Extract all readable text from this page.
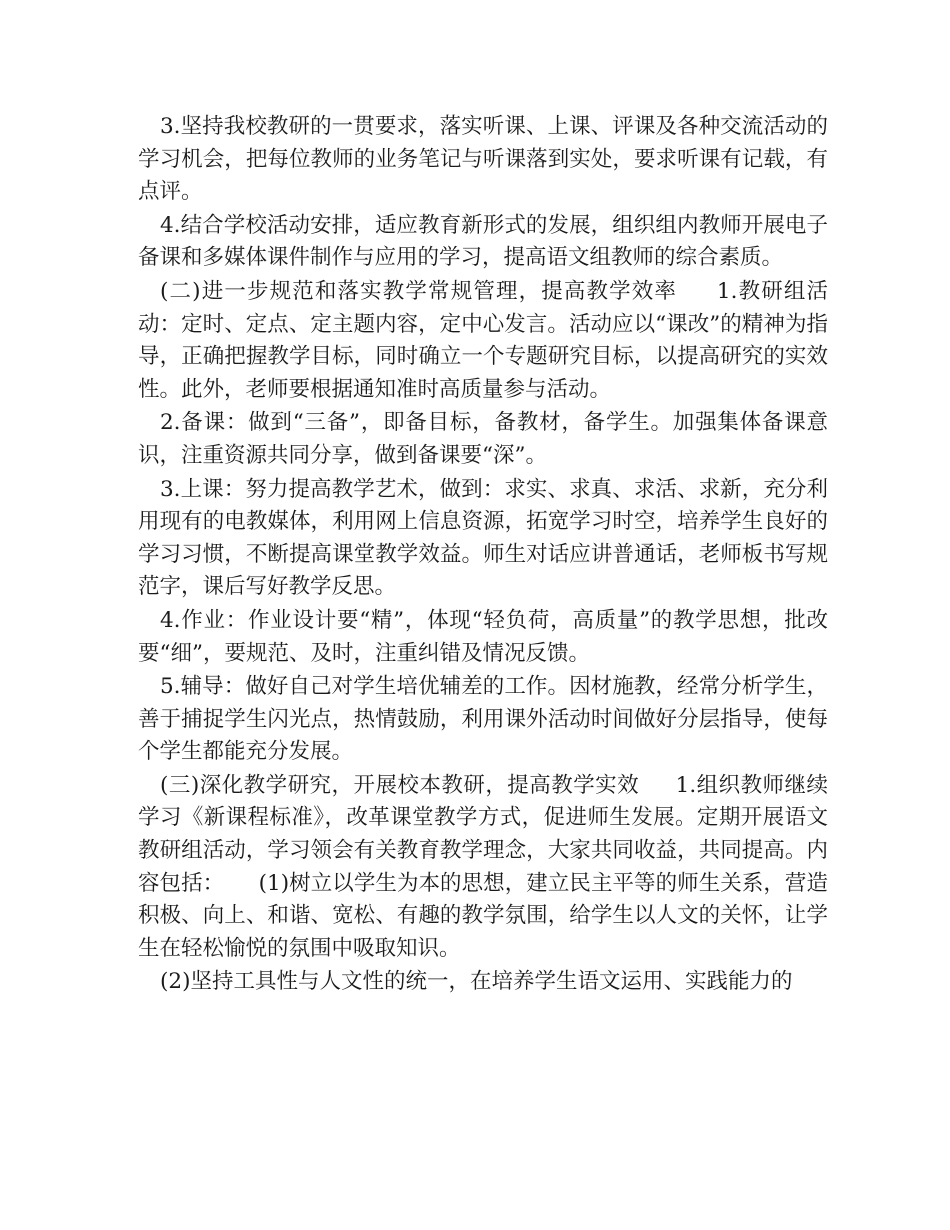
3.坚持我校教研的一贯要求，落实听课、上课、评课及各种交流活动的学习机会，把每位教师的业务笔记与听课落到实处，要求听课有记载，有点评。

4.结合学校活动安排，适应教育新形式的发展，组织组内教师开展电子备课和多媒体课件制作与应用的学习，提高语文组教师的综合素质。

(二)进一步规范和落实教学常规管理，提高教学效率     1.教研组活动：定时、定点、定主题内容，定中心发言。活动应以“课改”的精神为指导，正确把握教学目标，同时确立一个专题研究目标，以提高研究的实效性。此外，老师要根据通知准时高质量参与活动。

2.备课：做到“三备”，即备目标，备教材，备学生。加强集体备课意识，注重资源共同分享，做到备课要“深”。

3.上课：努力提高教学艺术，做到：求实、求真、求活、求新，充分利用现有的电教媒体，利用网上信息资源，拓宽学习时空，培养学生良好的学习习惯，不断提高课堂教学效益。师生对话应讲普通话，老师板书写规范字，课后写好教学反思。

4.作业：作业设计要“精”，体现“轻负荷，高质量”的教学思想，批改要“细”，要规范、及时，注重纠错及情况反馈。

5.辅导：做好自己对学生培优辅差的工作。因材施教，经常分析学生，善于捕捉学生闪光点，热情鼓励，利用课外活动时间做好分层指导，使每个学生都能充分发展。

(三)深化教学研究，开展校本教研，提高教学实效     1.组织教师继续学习《新课程标准》，改革课堂教学方式，促进师生发展。定期开展语文教研组活动，学习领会有关教育教学理念，大家共同收益，共同提高。内容包括：     (1)树立以学生为本的思想，建立民主平等的师生关系，营造积极、向上、和谐、宽松、有趣的教学氛围，给学生以人文的关怀，让学生在轻松愉悦的氛围中吸取知识。

(2)坚持工具性与人文性的统一，在培养学生语文运用、实践能力的
